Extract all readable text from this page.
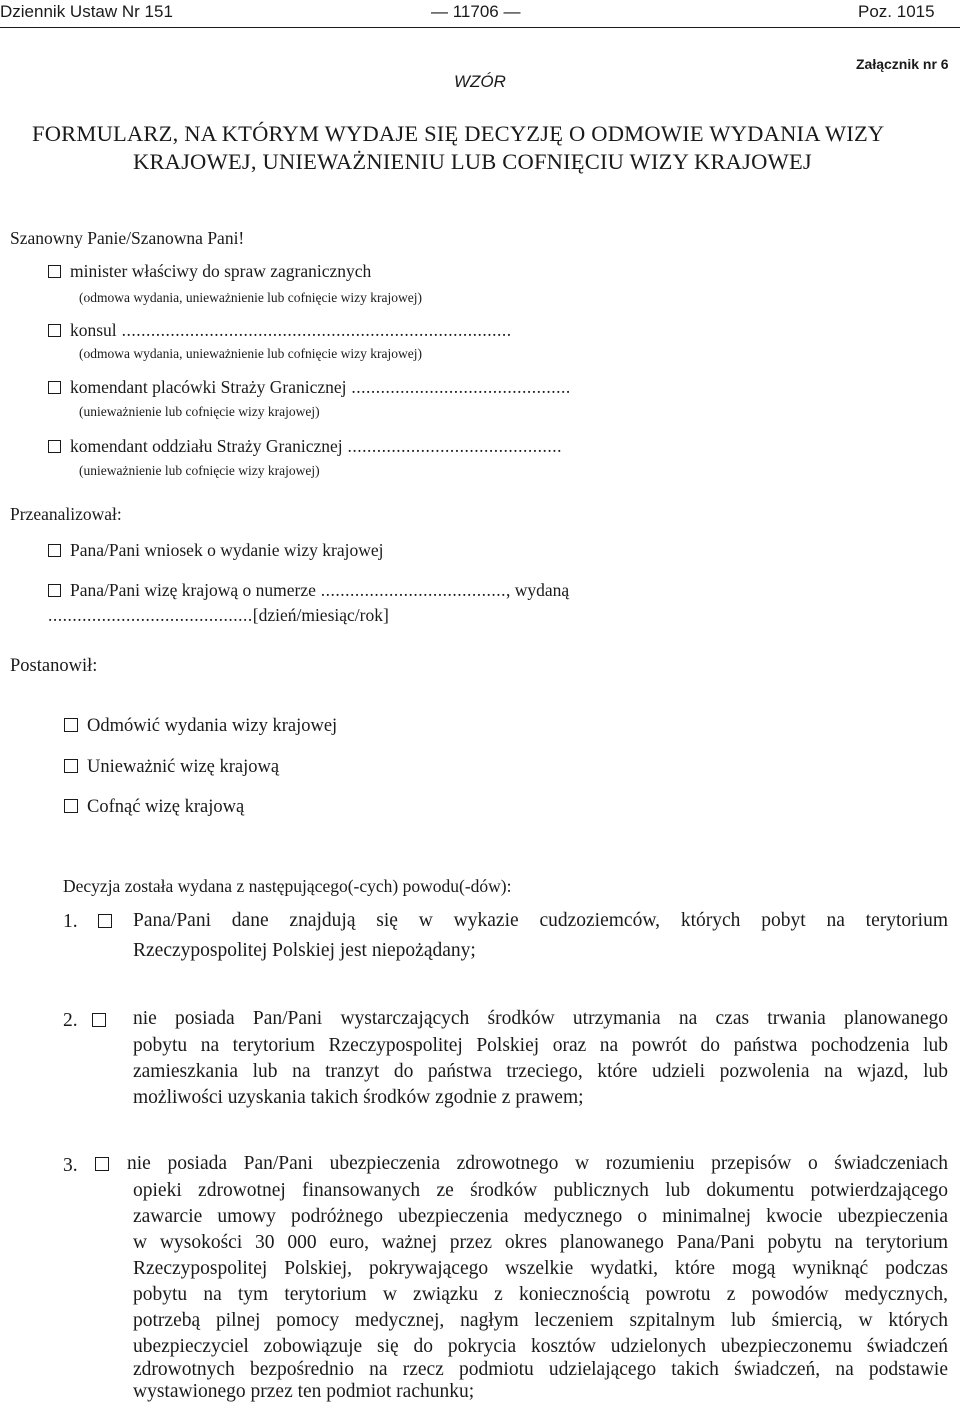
Dziennik Ustaw Nr 151	— 11706 —	Poz. 1015
WZÓR
Załącznik nr 6
FORMULARZ, NA KTÓRYM WYDAJE SIĘ DECYZJĘ O ODMOWIE WYDANIA WIZY
KRAJOWEJ, UNIEWAŻNIENIU LUB COFNIĘCIU WIZY KRAJOWEJ
Szanowny Panie/Szanowna Pani!
minister właściwy do spraw zagranicznych
(odmowa wydania, unieważnienie lub cofnięcie wizy krajowej)
konsul ................................................................................
(odmowa wydania, unieważnienie lub cofnięcie wizy krajowej)
komendant placówki Straży Granicznej .............................................
(unieważnienie lub cofnięcie wizy krajowej)
komendant oddziału Straży Granicznej ............................................
(unieważnienie lub cofnięcie wizy krajowej)
Przeanalizował:
Pana/Pani wniosek o wydanie wizy krajowej
Pana/Pani wizę krajową o numerze ......................................, wydaną
..........................................[dzień/miesiąc/rok]
Postanowił:
Odmówić wydania wizy krajowej
Unieważnić wizę krajową
Cofnąć wizę krajową
Decyzja została wydana z następującego(-cych) powodu(-dów):
1.	Pana/Pani dane znajdują się w wykazie cudzoziemców, których pobyt na terytorium
Rzeczypospolitej Polskiej jest niepożądany;
2.	nie posiada Pan/Pani wystarczających środków utrzymania na czas trwania planowanego
pobytu na terytorium Rzeczypospolitej Polskiej oraz na powrót do państwa pochodzenia lub
zamieszkania lub na tranzyt do państwa trzeciego, które udzieli pozwolenia na wjazd, lub
możliwości uzyskania takich środków zgodnie z prawem;
3.	nie posiada Pan/Pani ubezpieczenia zdrowotnego w rozumieniu przepisów o świadczeniach
opieki zdrowotnej finansowanych ze środków publicznych lub dokumentu potwierdzającego
zawarcie umowy podróżnego ubezpieczenia medycznego o minimalnej kwocie ubezpieczenia
w wysokości 30 000 euro, ważnej przez okres planowanego Pana/Pani pobytu na terytorium
Rzeczypospolitej Polskiej, pokrywającego wszelkie wydatki, które mogą wyniknąć podczas
pobytu na tym terytorium w związku z koniecznością powrotu z powodów medycznych,
potrzebą pilnej pomocy medycznej, nagłym leczeniem szpitalnym lub śmiercią, w których
ubezpieczyciel zobowiązuje się do pokrycia kosztów udzielonych ubezpieczonemu świadczeń
zdrowotnych bezpośrednio na rzecz podmiotu udzielającego takich świadczeń, na podstawie
wystawionego przez ten podmiot rachunku;
